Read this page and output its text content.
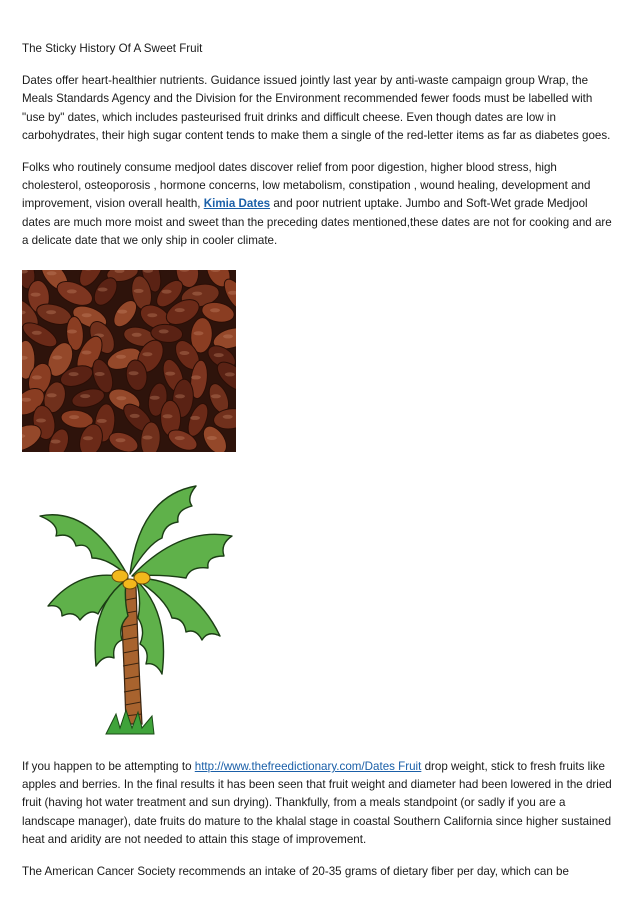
The Sticky History Of A Sweet Fruit

Dates offer heart-healthier nutrients. Guidance issued jointly last year by anti-waste campaign group Wrap, the Meals Standards Agency and the Division for the Environment recommended fewer foods must be labelled with "use by" dates, which includes pasteurised fruit drinks and difficult cheese. Even though dates are low in carbohydrates, their high sugar content tends to make them a single of the red-letter items as far as diabetes goes.

Folks who routinely consume medjool dates discover relief from poor digestion, higher blood stress, high cholesterol, osteoporosis , hormone concerns, low metabolism, constipation , wound healing, development and improvement, vision overall health, Kimia Dates and poor nutrient uptake. Jumbo and Soft-Wet grade Medjool dates are much more moist and sweet than the preceding dates mentioned,these dates are not for cooking and are a delicate date that we only ship in cooler climate.

If you happen to be attempting to http://www.thefreedictionary.com/Dates Fruit drop weight, stick to fresh fruits like apples and berries. In the final results it has been seen that fruit weight and diameter had been lowered in the dried fruit (having hot water treatment and sun drying). Thankfully, from a meals standpoint (or sadly if you are a landscape manager), date fruits do mature to the khalal stage in coastal Southern California since higher sustained heat and aridity are not needed to attain this stage of improvement.

The American Cancer Society recommends an intake of 20-35 grams of dietary fiber per day, which can be
